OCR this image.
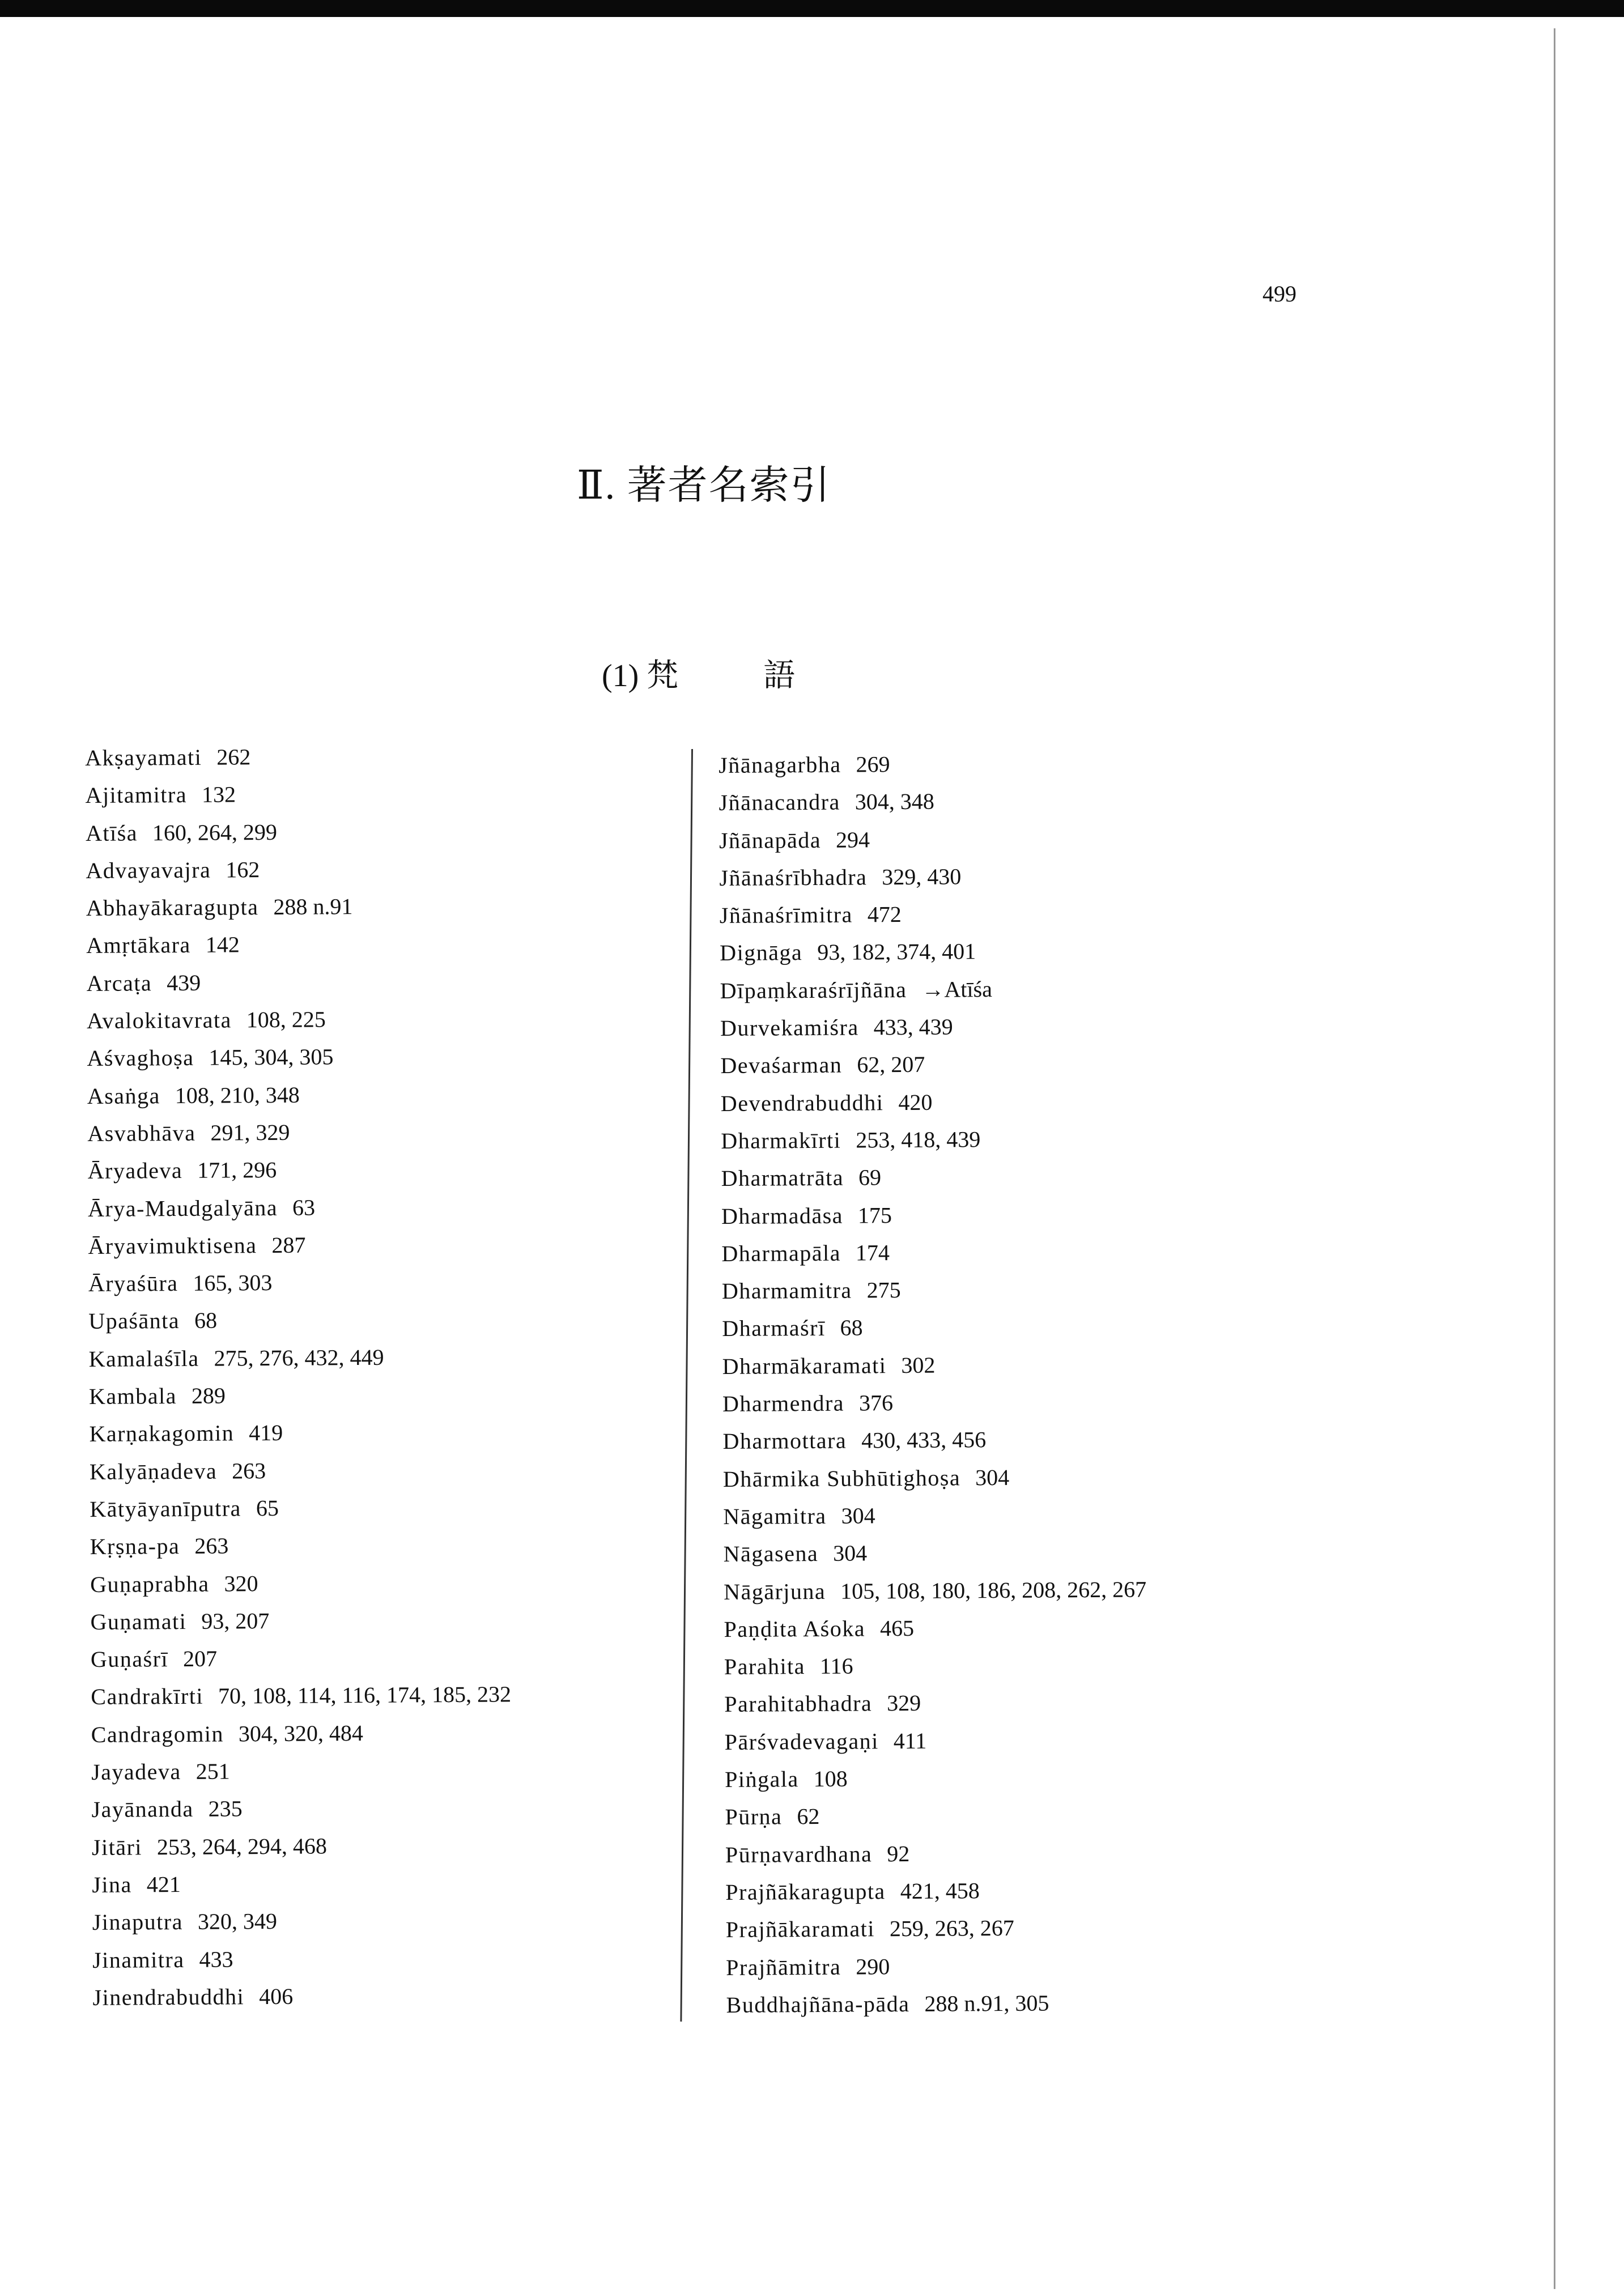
499
Ⅱ. 著者名索引
(1) 梵	語
Akṣayamati 262
Ajitamitra 132
Atīśa 160, 264, 299
Advayavajra 162
Abhayākaragupta 288 n.91
Amṛtākara 142
Arcaṭa 439
Avalokitavrata 108, 225
Aśvaghoṣa 145, 304, 305
Asaṅga 108, 210, 348
Asvabhāva 291, 329
Āryadeva 171, 296
Ārya-Maudgalyāna 63
Āryavimuktisena 287
Āryaśūra 165, 303
Upaśānta 68
Kamalaśīla 275, 276, 432, 449
Kambala 289
Karṇakagomin 419
Kalyāṇadeva 263
Kātyāyanīputra 65
Kṛṣṇa-pa 263
Guṇaprabha 320
Guṇamati 93, 207
Guṇaśrī 207
Candrakīrti 70, 108, 114, 116, 174, 185, 232
Candragomin 304, 320, 484
Jayadeva 251
Jayānanda 235
Jitāri 253, 264, 294, 468
Jina 421
Jinaputra 320, 349
Jinamitra 433
Jinendrabuddhi 406
Jñānagarbha 269
Jñānacandra 304, 348
Jñānapāda 294
Jñānaśrībhadra 329, 430
Jñānaśrīmitra 472
Dignāga 93, 182, 374, 401
Dīpaṃkaraśrījñāna →Atīśa
Durvekamiśra 433, 439
Devaśarman 62, 207
Devendrabuddhi 420
Dharmakīrti 253, 418, 439
Dharmatrāta 69
Dharmadāsa 175
Dharmapāla 174
Dharmamitra 275
Dharmaśrī 68
Dharmākaramati 302
Dharmendra 376
Dharmottara 430, 433, 456
Dhārmika Subhūtighoṣa 304
Nāgamitra 304
Nāgasena 304
Nāgārjuna 105, 108, 180, 186, 208, 262, 267
Paṇḍita Aśoka 465
Parahita 116
Parahitabhadra 329
Pārśvadevagaṇi 411
Piṅgala 108
Pūrṇa 62
Pūrṇavardhana 92
Prajñākaragupta 421, 458
Prajñākaramati 259, 263, 267
Prajñāmitra 290
Buddhajñāna-pāda 288 n.91, 305
